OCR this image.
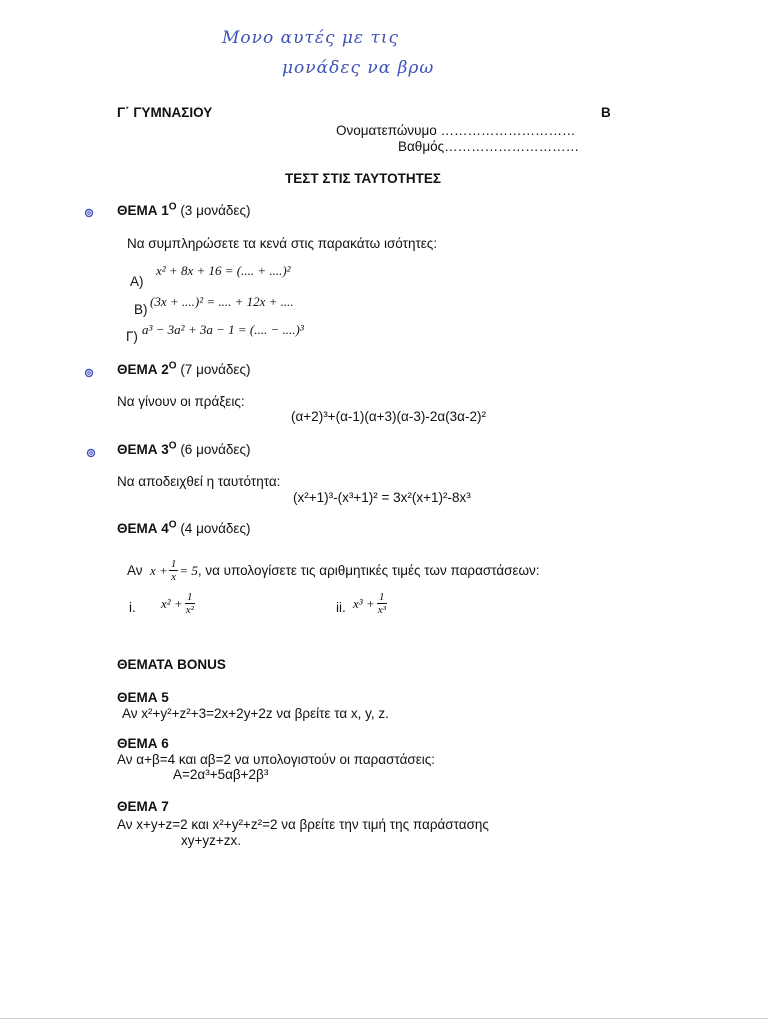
Μονο αυτές με τις
μονάδες να βρω
Γ΄ ΓΥΜΝΑΣΙΟΥ	Β
Ονοματεπώνυμο …………………………
Βαθμός…………………………
ΤΕΣΤ ΣΤΙΣ ΤΑΥΤΟΤΗΤΕΣ
ΘΕΜΑ $1^O$ (3 μονάδες)
Να συμπληρώσετε τα κενά στις παρακάτω ισότητες:
Α)
x² + 8x + 16 = (.... + ....)²
Β)
(3x + ....)² = .... + 12x + ....
Γ) a³ − 3a² + 3a − 1 = (.... − ....)³
ΘΕΜΑ $2^O$ (7 μονάδες)
Να γίνουν οι πράξεις:
(α+2)³+(α-1)(α+3)(α-3)-2α(3α-2)²
ΘΕΜΑ $3^O$ (6 μονάδες)
Να αποδειχθεί η ταυτότητα:
(x²+1)³-(x³+1)² = 3x²(x+1)²-8x³
ΘΕΜΑ $4^O$ (4 μονάδες)
Αν
$x + \frac{1}{x} = 5$ , να υπολογίσετε τις αριθμητικές τιμές των παραστάσεων:
i. $x^2 + \frac{1}{\text{x²}}$	ii. $x^3 + \frac{1}{\text{x³}}$
ΘΕΜΑΤΑ BONUS
ΘΕΜΑ 5
Αν x²+y²+z²+3=2x+2y+2z να βρείτε τα x, y, z.
ΘΕΜΑ 6
Αν α+β=4 και αβ=2 να υπολογιστούν οι παραστάσεις:
Α=2α³+5αβ+2β³
ΘΕΜΑ 7
Αν x+y+z=2 και x²+y²+z²=2 να βρείτε την τιμή της παράστασης
xy+yz+zx.
